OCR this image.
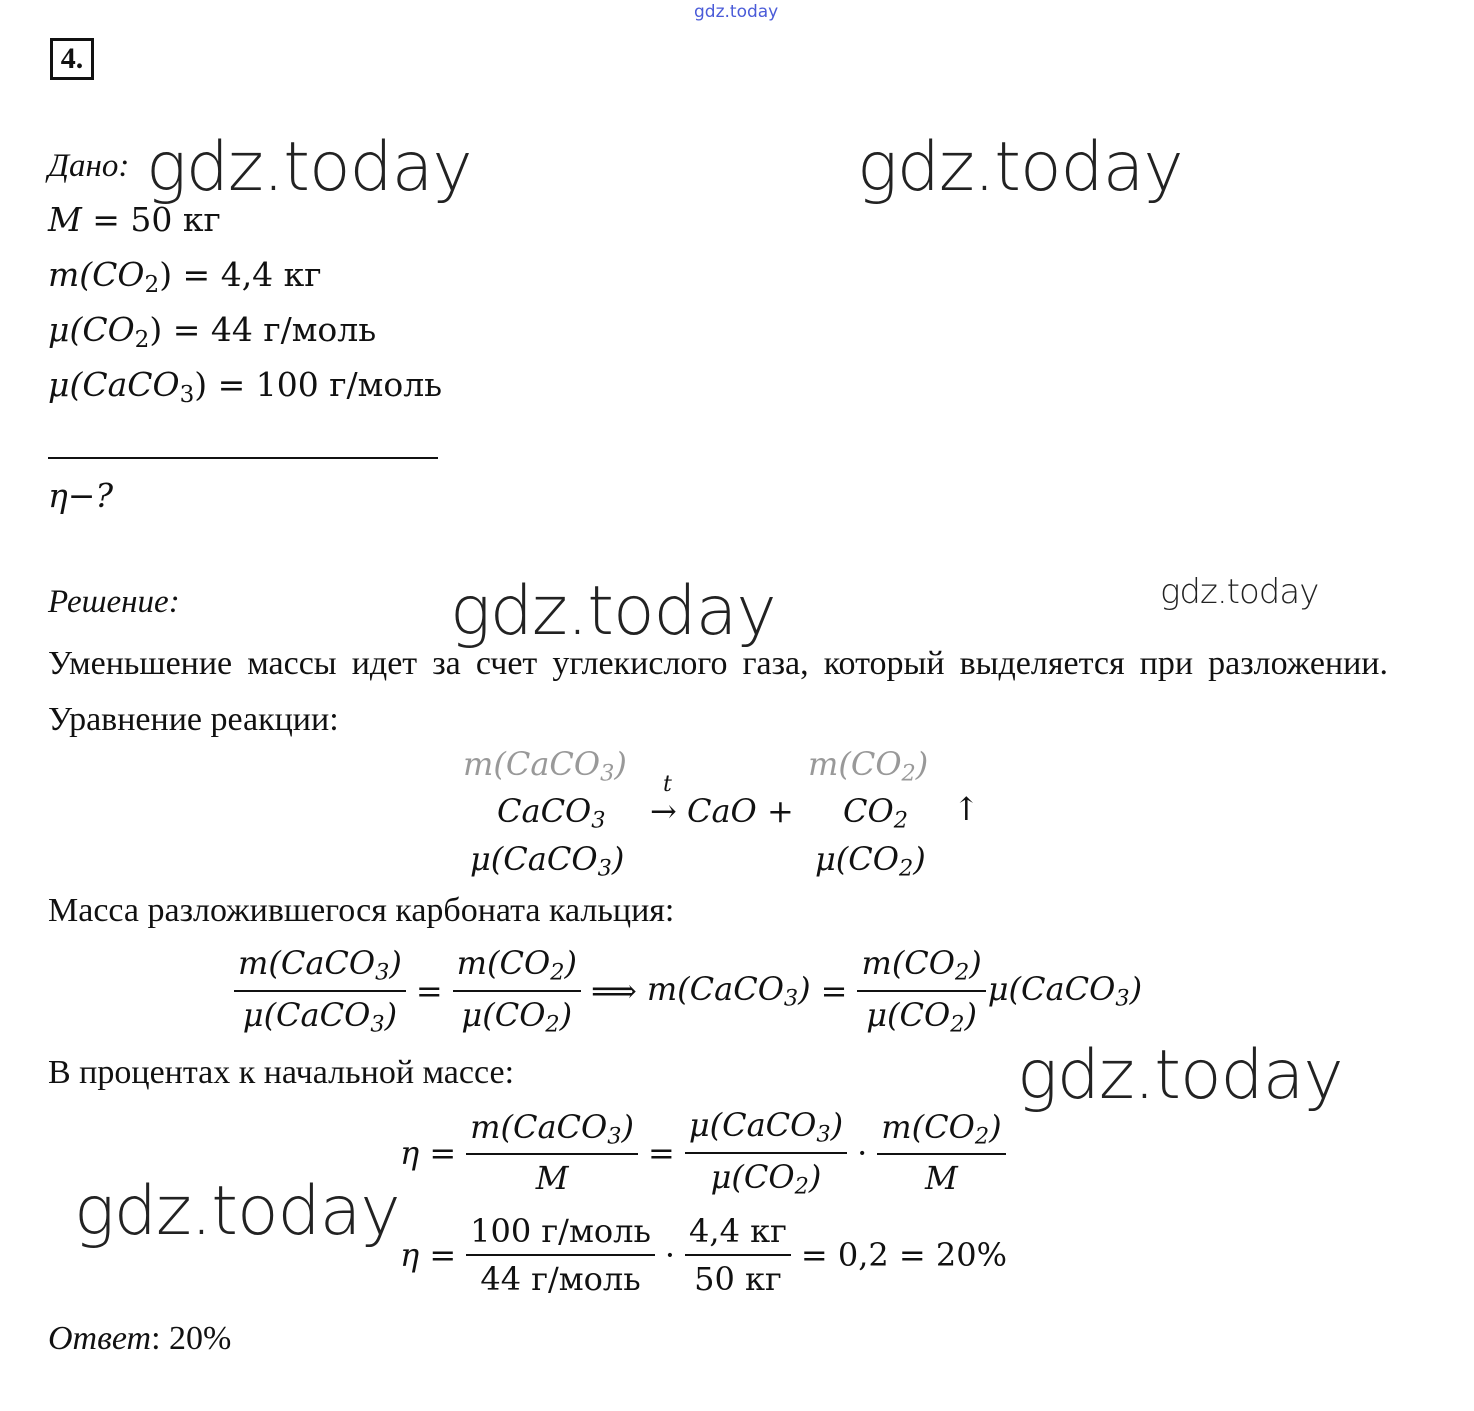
gdz.today
4.
Дано:
M = 50 кг
$m(CO_2) = 4,4$ кг
$\mu(CO_2) = 44$ г/моль
μ(CaCO$_3$) = 100 г/моль
η−?
Решение:
Уменьшение массы идет за счет углекислого газа, который выделяется при разложении. Уравнение реакции:
m(CaCO$_3$)	$m(CO_2)$
CaCO$_3$
t
→ CaO + $CO_2$ ↑
μ(CaCO$_3$)	$\mu(CO_2)$
Масса разложившегося карбоната кальция:
$\frac{m(CaCO_3)}{\mu(CaCO_3)} = \frac{m(CO_2)}{\mu(CO_2)}$ ⟹ m(CaCO$_3$) = $\frac{m(CO_2)}{\mu(CO_2)}$ μ(CaCO$_3$)
В процентах к начальной массе:
$\eta = \frac{m(CaCO_3)}{M} = \frac{\mu(CaCO_3)}{\mu(CO_2)} \cdot \frac{m(CO_2)}{M}$
$\eta = \frac{\text{100 г/моль}}{\text{44 г/моль}} \cdot \frac{4,4 кг}{50 кг} = 0,2 = 20\%$
Ответ: 20%
gdz.today	gdz.today
gdz.today	gdz.today
gdz.today
gdz.today
